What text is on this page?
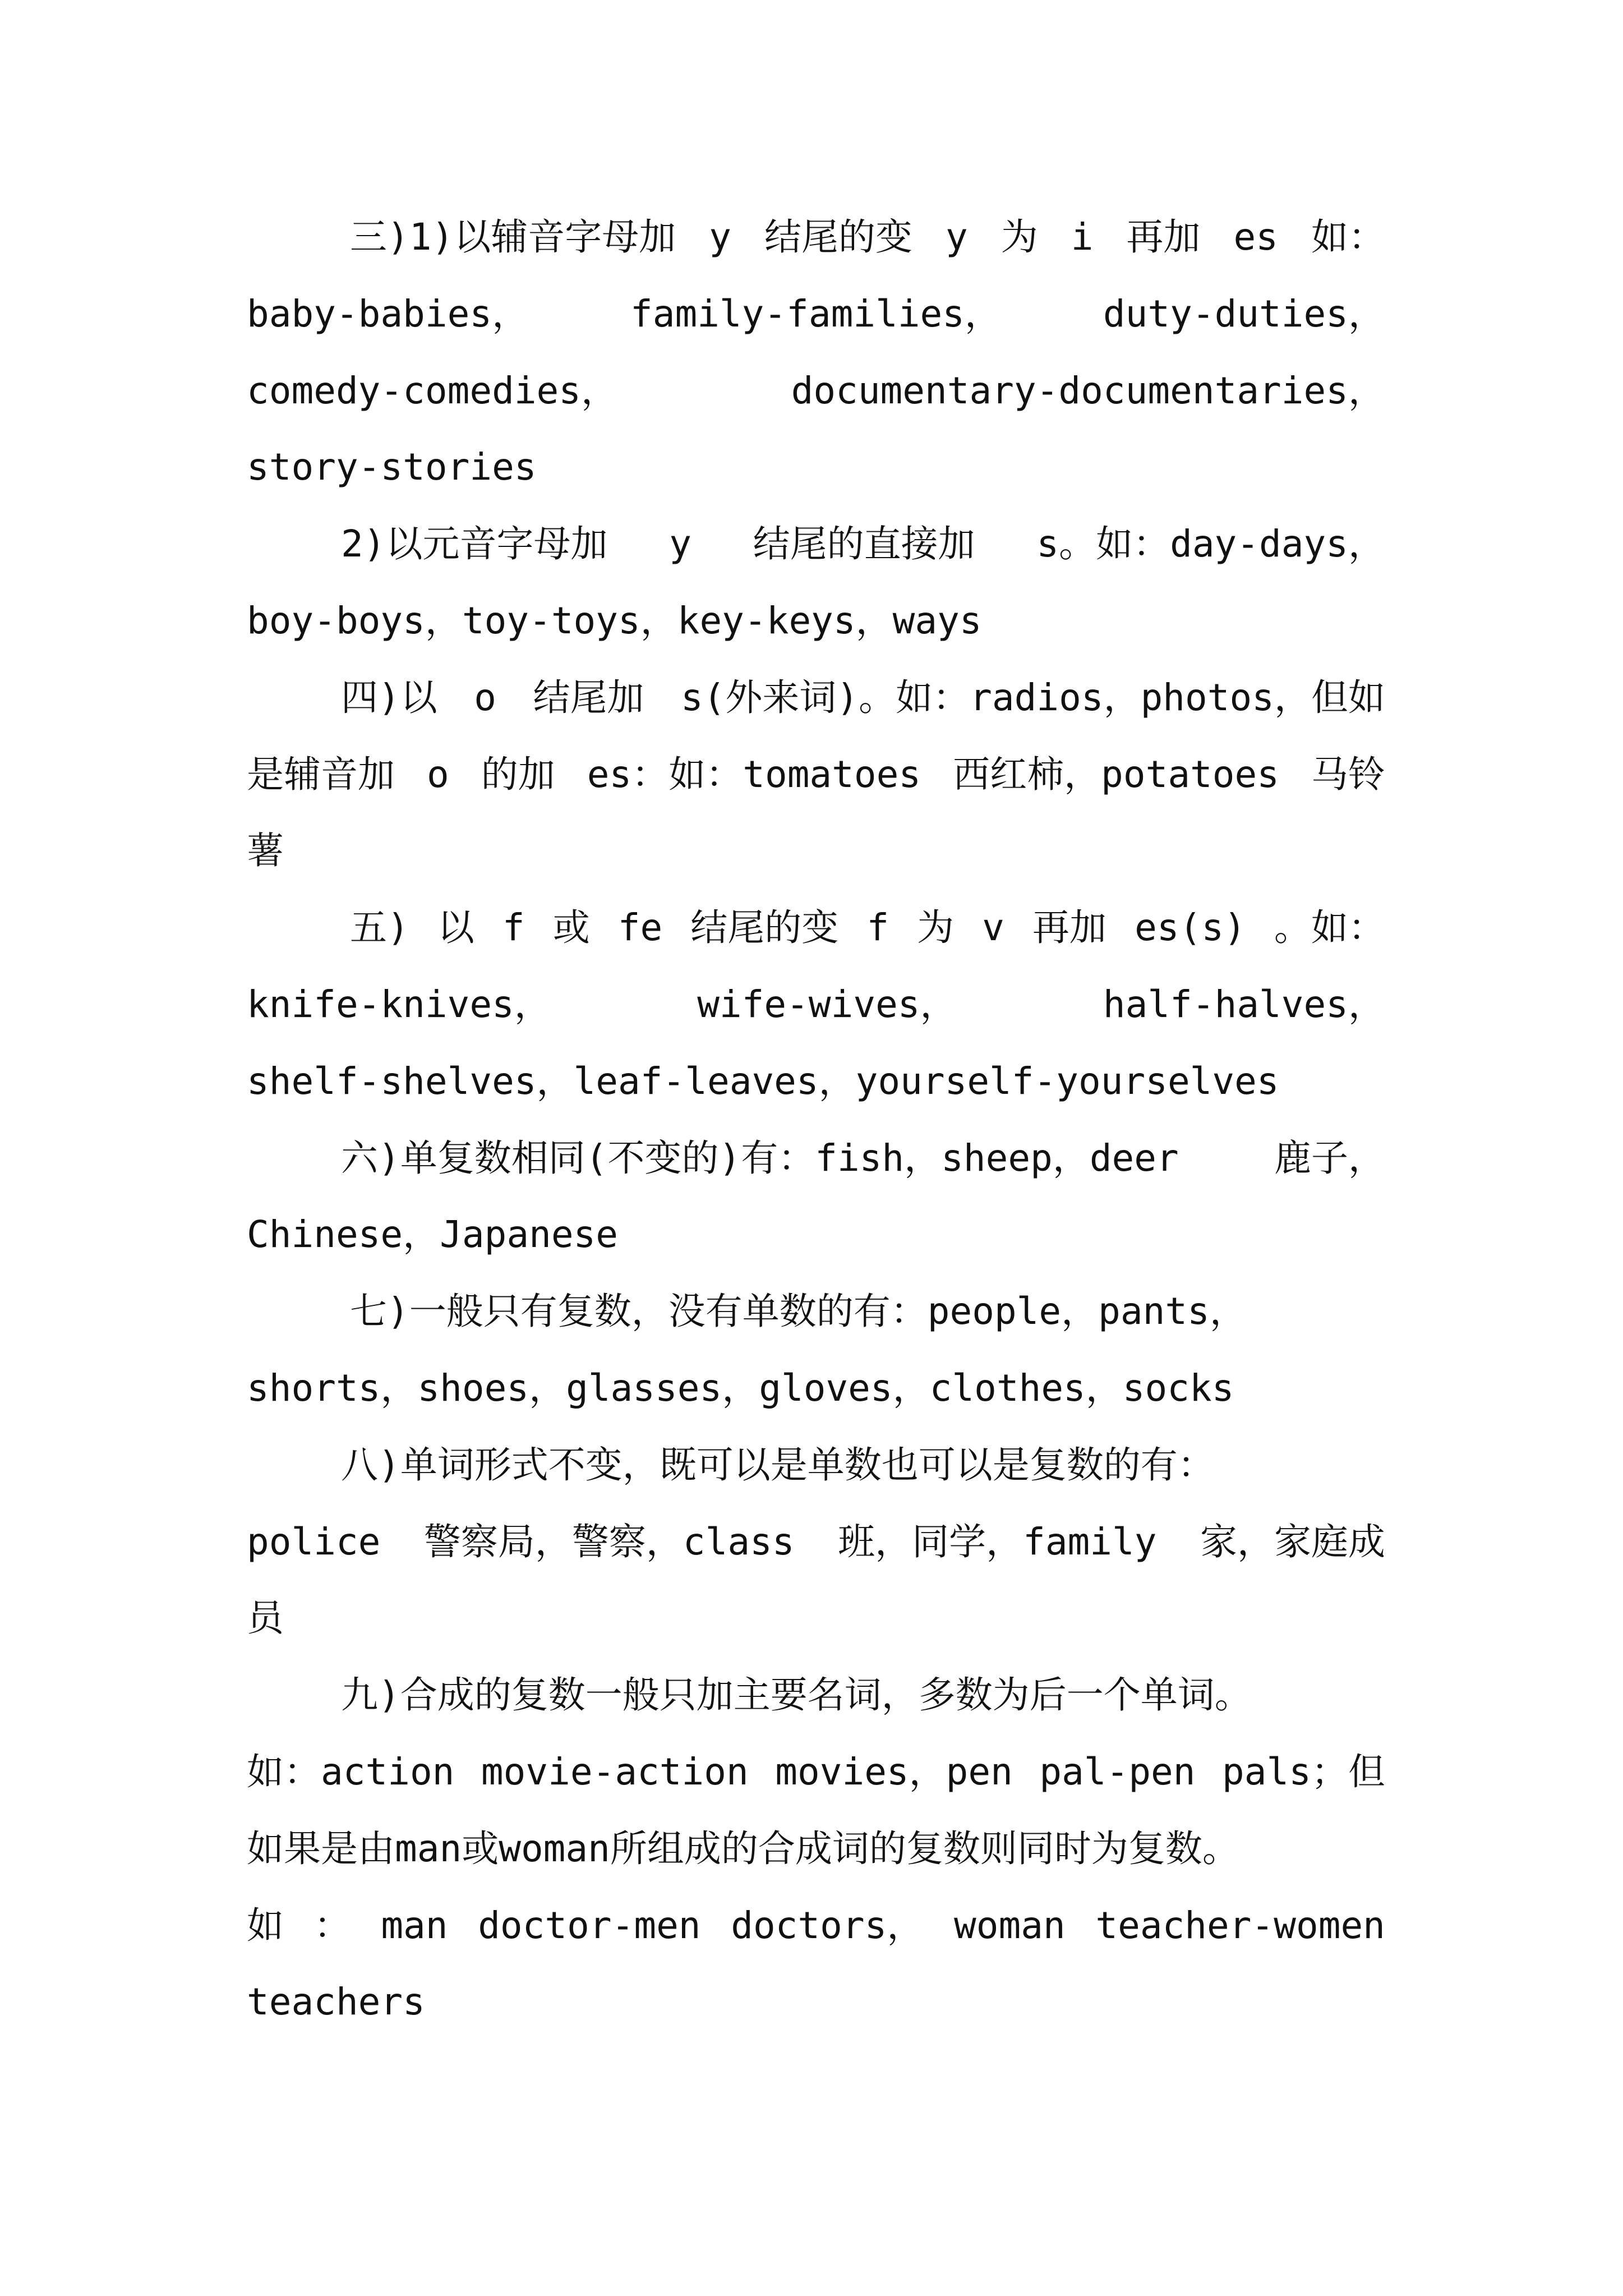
三)1)以辅音字母加 y 结尾的变 y 为 i 再加 es 如：
baby-babies，	family-families，	duty-duties，
comedy-comedies，	documentary-documentaries，
story-stories
2)以元音字母加 y 结尾的直接加 s。如：day-days，
boy-boys，toy-toys，key-keys，ways
四)以 o 结尾加 s(外来词)。如：radios，photos，但如
是辅音加 o 的加 es：如：tomatoes 西红柿，potatoes 马铃
薯
五) 以 f 或 fe 结尾的变 f 为 v 再加 es(s) 。如：
knife-knives，	wife-wives，	half-halves，
shelf-shelves，leaf-leaves，yourself-yourselves
六)单复数相同(不变的)有：fish，sheep，deer	鹿子，
Chinese，Japanese
七)一般只有复数，没有单数的有：people，pants，
shorts，shoes，glasses，gloves，clothes，socks
八)单词形式不变，既可以是单数也可以是复数的有：
police 警察局，警察，class 班，同学，family 家，家庭成
员
九)合成的复数一般只加主要名词，多数为后一个单词。
如：action movie-action movies，pen pal-pen pals；但
如果是由man或woman所组成的合成词的复数则同时为复数。
如 ： man doctor-men doctors， woman teacher-women
teachers
